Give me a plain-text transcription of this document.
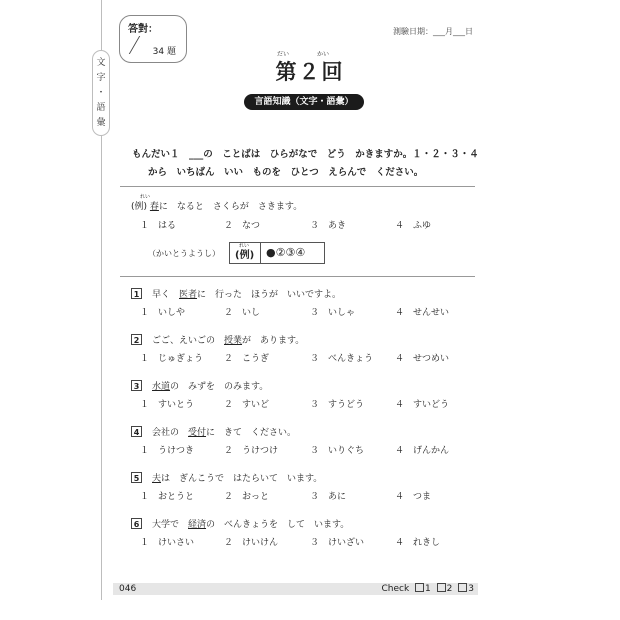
文
字
・
語
彙
答對：
34 題
測驗日期：___月___日
だい	かい
第２回
言語知識（文字・語彙）
もんだい１　___の　ことばは　ひらがなで　どう　かきますか。１・２・３・４
から　いちばん　いい　ものを　ひとつ　えらんで　ください。
れい
(例) 春に　なると　さくらが　さきます。
１　はる	２　なつ	３　あき	４　ふゆ
（かいとうようし）
れい
(例) ●②③④
1	早く　医者に　行った　ほうが　いいですよ。
１　いしや	２　いし	３　いしゃ	４　せんせい
2	ごご、えいごの　授業が　あります。
１　じゅぎょう ２　こうぎ	３　べんきょう ４　せつめい
3	水道の　みずを　のみます。
１　すいとう	２　すいど	３　すうどう	４　すいどう
4	会社の　受付に　きて　ください。
１　うけつき	２　うけつけ	３　いりぐち	４　げんかん
5	夫は　ぎんこうで　はたらいて　います。
１　おとうと	２　おっと	３　あに	４　つま
6	大学で　経済の　べんきょうを　して　います。
１　けいさい	２　けいけん	３　けいざい	４　れきし
046	Check 1 2 3
